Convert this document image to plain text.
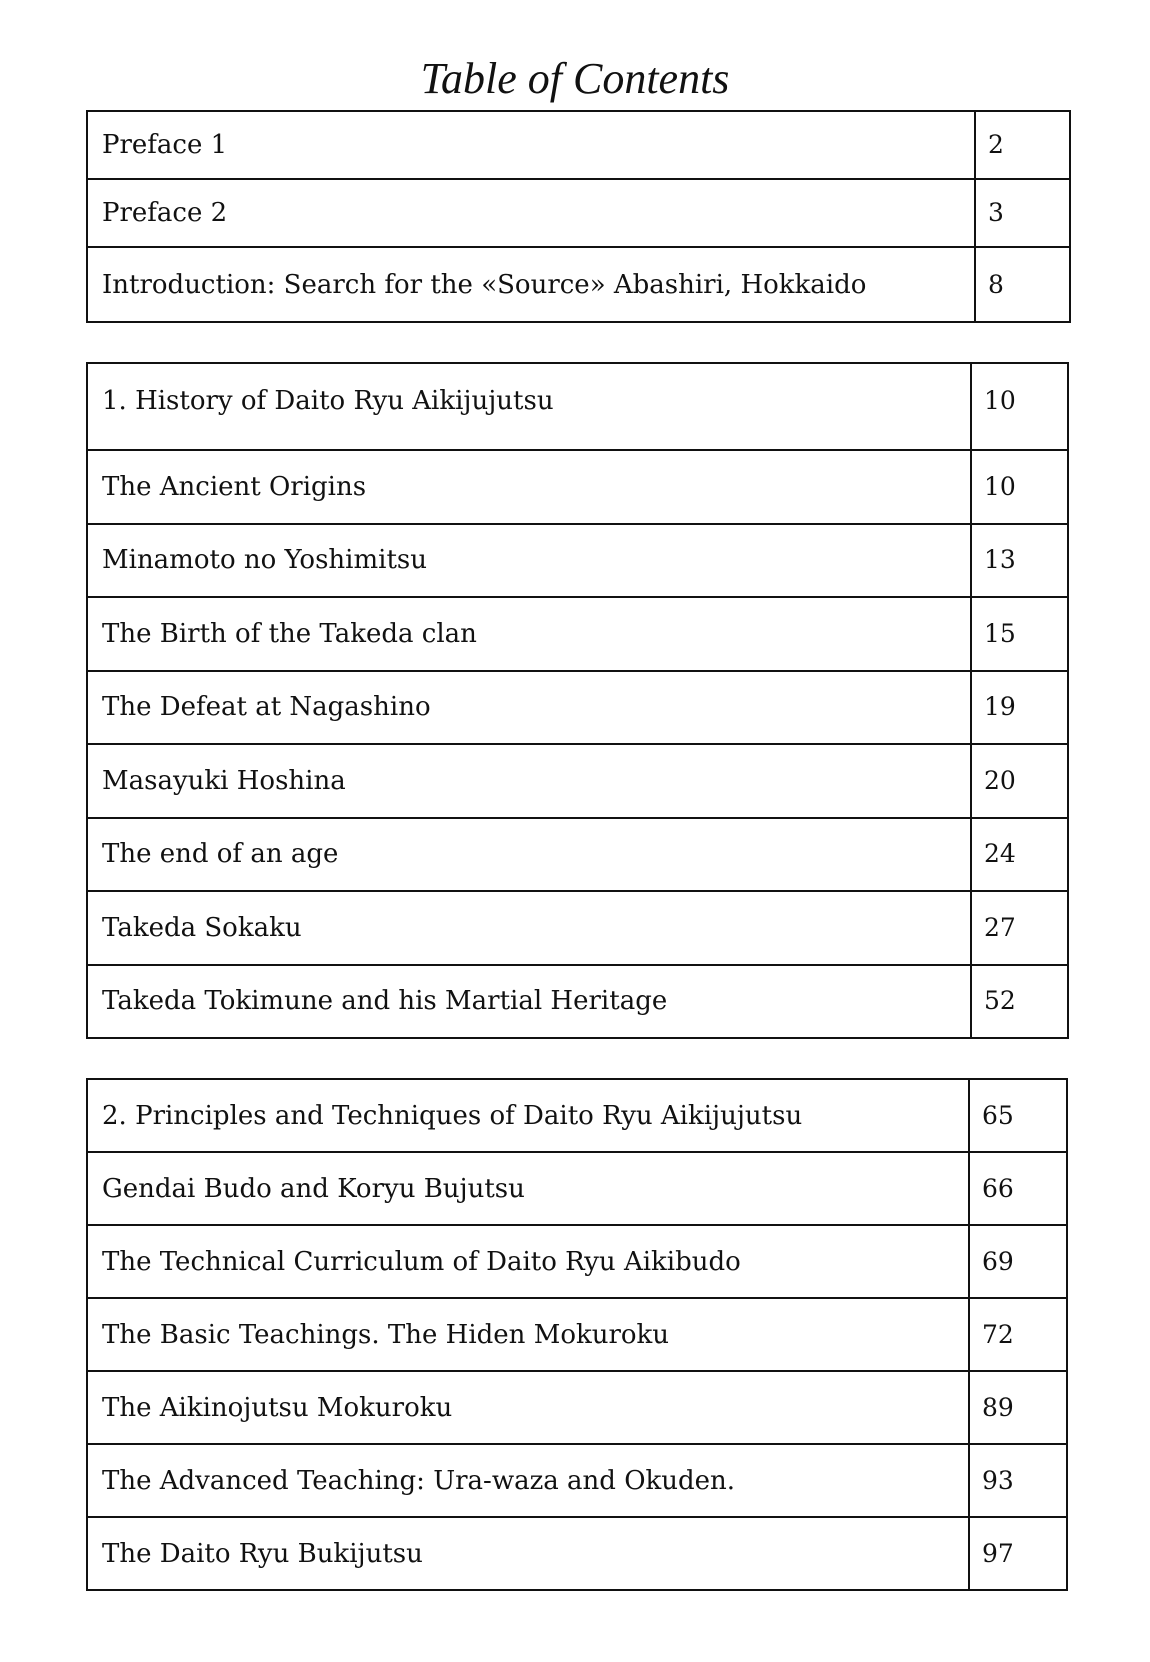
Table of Contents
Preface 1	2
Preface 2	3
Introduction: Search for the «Source» Abashiri, Hokkaido	8
1. History of Daito Ryu Aikijujutsu	10
The Ancient Origins	10
Minamoto no Yoshimitsu	13
The Birth of the Takeda clan	15
The Defeat at Nagashino	19
Masayuki Hoshina	20
The end of an age	24
Takeda Sokaku	27
Takeda Tokimune and his Martial Heritage	52
2. Principles and Techniques of Daito Ryu Aikijujutsu	65
Gendai Budo and Koryu Bujutsu	66
The Technical Curriculum of Daito Ryu Aikibudo	69
The Basic Teachings. The Hiden Mokuroku	72
The Aikinojutsu Mokuroku	89
The Advanced Teaching: Ura-waza and Okuden.	93
The Daito Ryu Bukijutsu	97
